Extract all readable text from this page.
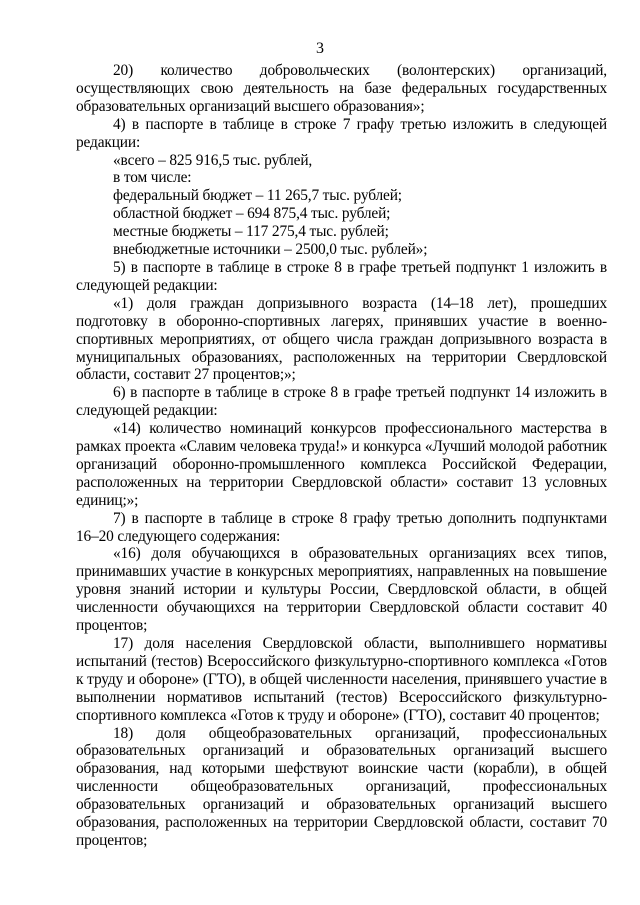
3

20) количество добровольческих (волонтерских) организаций, осуществляющих свою деятельность на базе федеральных государственных образовательных организаций высшего образования»;

4) в паспорте в таблице в строке 7 графу третью изложить в следующей редакции:

«всего – 825 916,5 тыс. рублей,

в том числе:

федеральный бюджет – 11 265,7 тыс. рублей;

областной бюджет – 694 875,4 тыс. рублей;

местные бюджеты – 117 275,4 тыс. рублей;

внебюджетные источники – 2500,0 тыс. рублей»;

5) в паспорте в таблице в строке 8 в графе третьей подпункт 1 изложить в следующей редакции:

«1) доля граждан допризывного возраста (14–18 лет), прошедших подготовку в оборонно-спортивных лагерях, принявших участие в военно-спортивных мероприятиях, от общего числа граждан допризывного возраста в муниципальных образованиях, расположенных на территории Свердловской области, составит 27 процентов;»;

6) в паспорте в таблице в строке 8 в графе третьей подпункт 14 изложить в следующей редакции:

«14) количество номинаций конкурсов профессионального мастерства в рамках проекта «Славим человека труда!» и конкурса «Лучший молодой работник организаций оборонно-промышленного комплекса Российской Федерации, расположенных на территории Свердловской области» составит 13 условных единиц;»;

7) в паспорте в таблице в строке 8 графу третью дополнить подпунктами 16–20 следующего содержания:

«16) доля обучающихся в образовательных организациях всех типов, принимавших участие в конкурсных мероприятиях, направленных на повышение уровня знаний истории и культуры России, Свердловской области, в общей численности обучающихся на территории Свердловской области составит 40 процентов;

17) доля населения Свердловской области, выполнившего нормативы испытаний (тестов) Всероссийского физкультурно-спортивного комплекса «Готов к труду и обороне» (ГТО), в общей численности населения, принявшего участие в выполнении нормативов испытаний (тестов) Всероссийского физкультурно-спортивного комплекса «Готов к труду и обороне» (ГТО), составит 40 процентов;

18) доля общеобразовательных организаций, профессиональных образовательных организаций и образовательных организаций высшего образования, над которыми шефствуют воинские части (корабли), в общей численности общеобразовательных организаций, профессиональных образовательных организаций и образовательных организаций высшего образования, расположенных на территории Свердловской области, составит 70 процентов;
